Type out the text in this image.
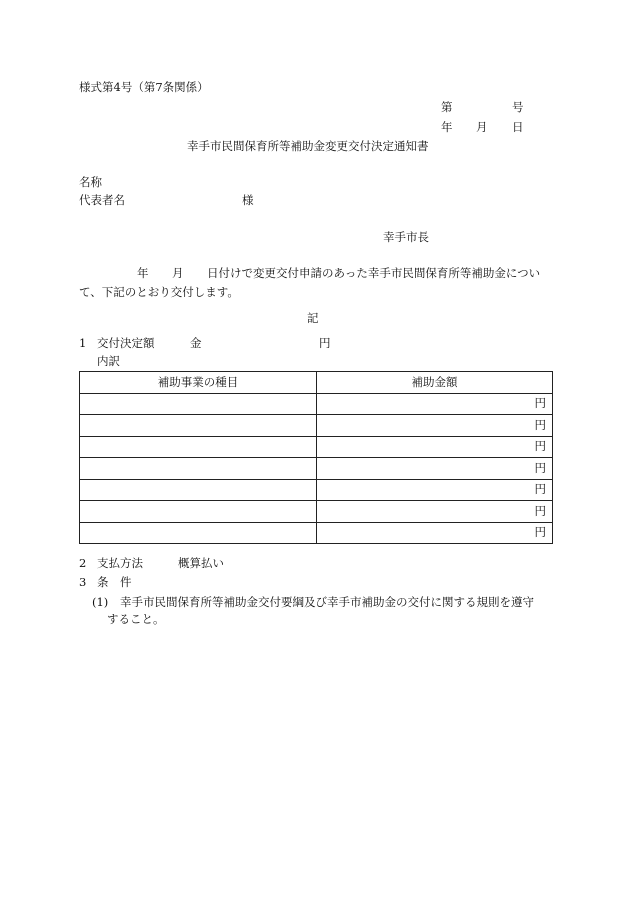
様式第4号（第7条関係）
第	号
年 月 日
幸手市民間保育所等補助金変更交付決定通知書
名称
代表者名	様
幸手市長
年 月 日付けで変更交付申請のあった幸手市民間保育所等補助金につい
て、下記のとおり交付します。
記
1 交付決定額	金	円
内訳
補助事業の種目	補助金額
	円
	円
	円
	円
	円
	円
	円
2 支払方法	概算払い
3 条　件
(1) 幸手市民間保育所等補助金交付要綱及び幸手市補助金の交付に関する規則を遵守
すること。
